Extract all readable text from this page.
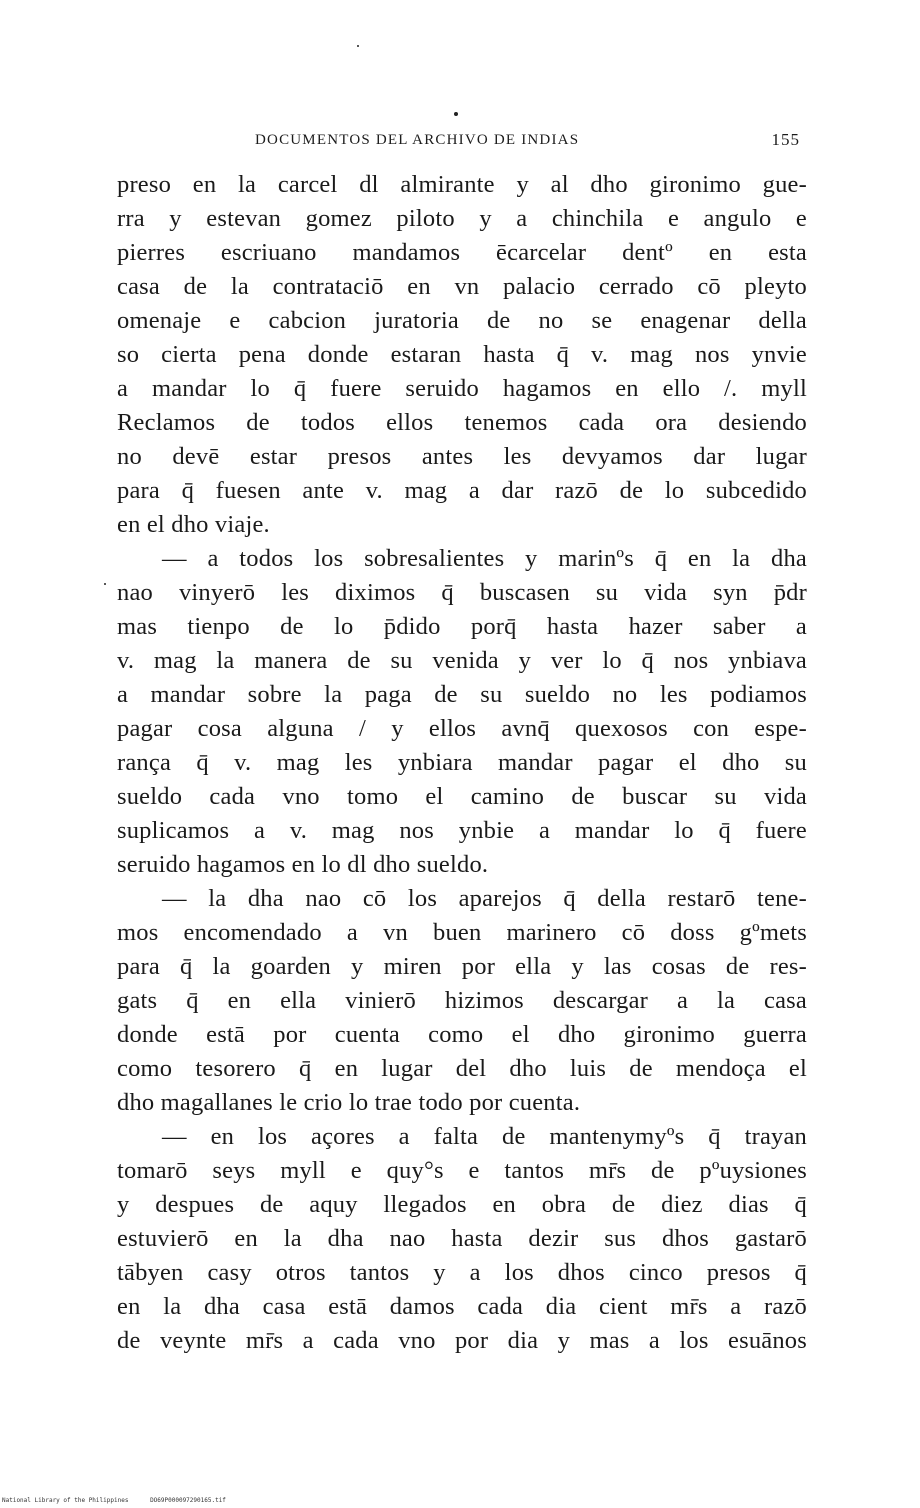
DOCUMENTOS DEL ARCHIVO DE INDIAS	155
preso en la carcel dl almirante y al dho gironimo gue-
rra y estevan gomez piloto y a chinchila e angulo e
pierres escriuano mandamos ēcarcelar dentº en esta
casa de la contrataciō en vn palacio cerrado cō pleyto
omenaje e cabcion juratoria de no se enagenar della
so cierta pena donde estaran hasta q̄ v. mag nos ynvie
a mandar lo q̄ fuere seruido hagamos en ello /. myll
Reclamos de todos ellos tenemos cada ora desiendo
no devē estar presos antes les devyamos dar lugar
para q̄ fuesen ante v. mag a dar razō de lo subcedido
en el dho viaje.
— a todos los sobresalientes y marinºs q̄ en la dha
nao vinyerō les diximos q̄ buscasen su vida syn p̄dr
mas tienpo de lo p̄dido porq̄ hasta hazer saber a
v. mag la manera de su venida y ver lo q̄ nos ynbiava
a mandar sobre la paga de su sueldo no les podiamos
pagar cosa alguna / y ellos avnq̄ quexosos con espe-
rança q̄ v. mag les ynbiara mandar pagar el dho su
sueldo cada vno tomo el camino de buscar su vida
suplicamos a v. mag nos ynbie a mandar lo q̄ fuere
seruido hagamos en lo dl dho sueldo.
— la dha nao cō los aparejos q̄ della restarō tene-
mos encomendado a vn buen marinero cō doss gºmets
para q̄ la goarden y miren por ella y las cosas de res-
gats q̄ en ella vinierō hizimos descargar a la casa
donde estā por cuenta como el dho gironimo guerra
como tesorero q̄ en lugar del dho luis de mendoça el
dho magallanes le crio lo trae todo por cuenta.
— en los açores a falta de mantenymyºs q̄ trayan
tomarō seys myll e quy°s e tantos mr̄s de pºuysiones
y despues de aquy llegados en obra de diez dias q̄
estuvierō en la dha nao hasta dezir sus dhos gastarō
tābyen casy otros tantos y a los dhos cinco presos q̄
en la dha casa estā damos cada dia cient mr̄s a razō
de veynte mr̄s a cada vno por dia y mas a los esuānos
National Library of the Philippines	DO69P000097290165.tif
